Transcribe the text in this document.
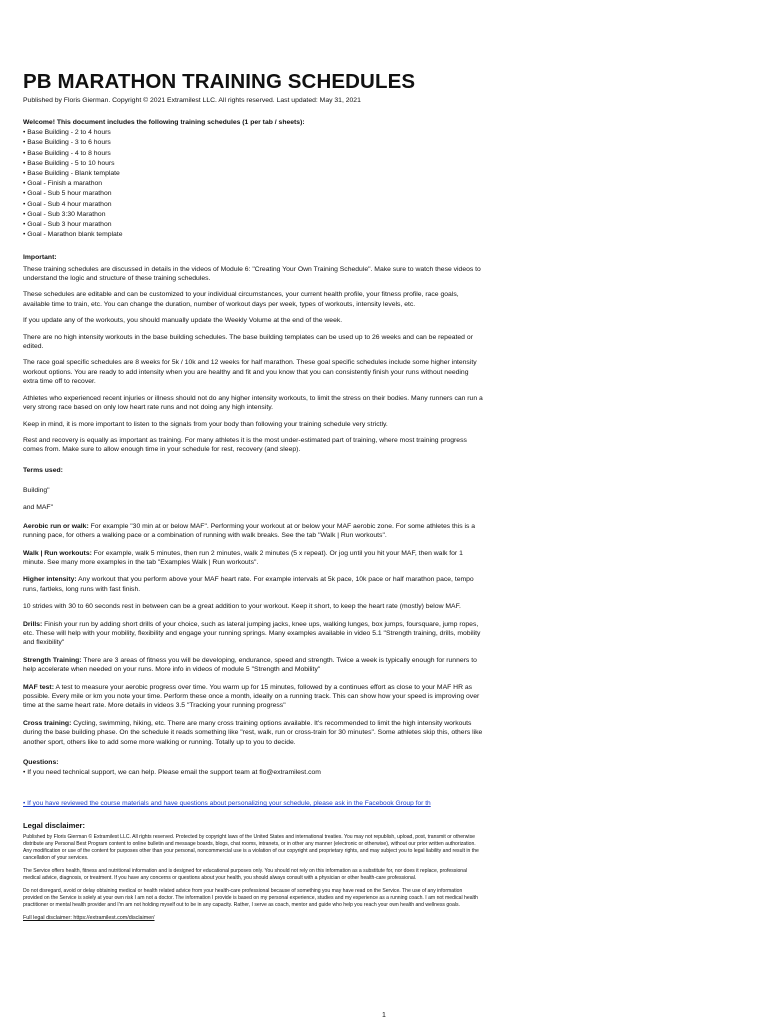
PB MARATHON TRAINING SCHEDULES
Published by Floris Gierman. Copyright © 2021 Extramilest LLC. All rights reserved. Last updated: May 31, 2021
Welcome! This document includes the following training schedules (1 per tab / sheets):
• Base Building - 2 to 4 hours
• Base Building - 3 to 6 hours
• Base Building - 4 to 8 hours
• Base Building - 5 to 10 hours
• Base Building - Blank template
• Goal - Finish a marathon
• Goal - Sub 5 hour marathon
• Goal - Sub 4 hour marathon
• Goal - Sub 3:30 Marathon
• Goal - Sub 3 hour marathon
• Goal - Marathon blank template
Important:

These training schedules are discussed in details in the videos of Module 6: "Creating Your Own Training Schedule". Make sure to watch these videos to understand the logic and structure of these training schedules.

These schedules are editable and can be customized to your individual circumstances, your current health profile, your fitness profile, race goals, available time to train, etc. You can change the duration, number of workout days per week, types of workouts, intensity levels, etc.

If you update any of the workouts, you should manually update the Weekly Volume at the end of the week.

There are no high intensity workouts in the base building schedules. The base building templates can be used up to 26 weeks and can be repeated or edited.

The race goal specific schedules are 8 weeks for 5k / 10k and 12 weeks for half marathon. These goal specific schedules include some higher intensity workout options. You are ready to add intensity when you are healthy and fit and you know that you can consistently finish your runs without needing extra time off to recover.

Athletes who experienced recent injuries or illness should not do any higher intensity workouts, to limit the stress on their bodies. Many runners can run a very strong race based on only low heart rate runs and not doing any high intensity.

Keep in mind, it is more important to listen to the signals from your body than following your training schedule very strictly.

Rest and recovery is equally as important as training. For many athletes it is the most under-estimated part of training, where most training progress comes from. Make sure to allow enough time in your schedule for rest, recovery (and sleep).

Terms used:
Building"
and MAF"

Aerobic run or walk: For example "30 min at or below MAF". Performing your workout at or below your MAF aerobic zone. For some athletes this is a running pace, for others a walking pace or a combination of running with walk breaks. See the tab "Walk | Run workouts".

Walk | Run workouts: For example, walk 5 minutes, then run 2 minutes, walk 2 minutes (5 x repeat). Or jog until you hit your MAF, then walk for 1 minute. See many more examples in the tab "Examples Walk | Run workouts".

Higher intensity: Any workout that you perform above your MAF heart rate. For example intervals at 5k pace, 10k pace or half marathon pace, tempo runs, fartleks, long runs with fast finish.

10 strides with 30 to 60 seconds rest in between can be a great addition to your workout. Keep it short, to keep the heart rate (mostly) below MAF.

Drills: Finish your run by adding short drills of your choice, such as lateral jumping jacks, knee ups, walking lunges, box jumps, foursquare, jump ropes, etc. These will help with your mobility, flexibility and engage your running springs. Many examples available in video 5.1 "Strength training, drills, mobility and flexibility"

Strength Training: There are 3 areas of fitness you will be developing, endurance, speed and strength. Twice a week is typically enough for runners to help accelerate when needed on your runs. More info in videos of module 5 "Strength and Mobility"

MAF test: A test to measure your aerobic progress over time. You warm up for 15 minutes, followed by a continues effort as close to your MAF HR as possible. Every mile or km you note your time. Perform these once a month, ideally on a running track. This can show how your speed is improving over time at the same heart rate. More details in videos 3.5 "Tracking your running progress"

Cross training: Cycling, swimming, hiking, etc. There are many cross training options available. It's recommended to limit the high intensity workouts during the base building phase. On the schedule it reads something like "rest, walk, run or cross-train for 30 minutes". Some athletes skip this, others like another sport, others like to add some more walking or running. Totally up to you to decide.

Questions:
• If you need technical support, we can help. Please email the support team at flo@extramilest.com
• If you have reviewed the course materials and have questions about personalizing your schedule, please ask in the Facebook Group for th
Legal disclaimer:

Published by Floris Gierman © Extramilest LLC. All rights reserved. Protected by copyright laws of the United States and international treaties. You may not republish, upload, post, transmit or otherwise distribute any Personal Best Program content to online bulletin and message boards, blogs, chat rooms, intranets, or in other any manner (electronic or otherwise), without our prior written authorization. Any modification or use of the content for purposes other than your personal, noncommercial use is a violation of our copyright and proprietary rights, and may subject you to legal liability and result in the cancellation of your services.

The Service offers health, fitness and nutritional information and is designed for educational purposes only. You should not rely on this information as a substitute for, nor does it replace, professional medical advice, diagnosis, or treatment. If you have any concerns or questions about your health, you should always consult with a physician or other health-care professional.

Do not disregard, avoid or delay obtaining medical or health related advice from your health-care professional because of something you may have read on the Service. The use of any information provided on the Service is solely at your own risk I am not a doctor. The information I provide is based on my personal experience, studies and my experience as a running coach. I am not medical health practitioner or mental health provider and I'm am not holding myself out to be in any capacity. Rather, I serve as coach, mentor and guide who help you reach your own health and wellness goals.

Full legal disclaimer: https://extramilest.com/disclaimer/
1
